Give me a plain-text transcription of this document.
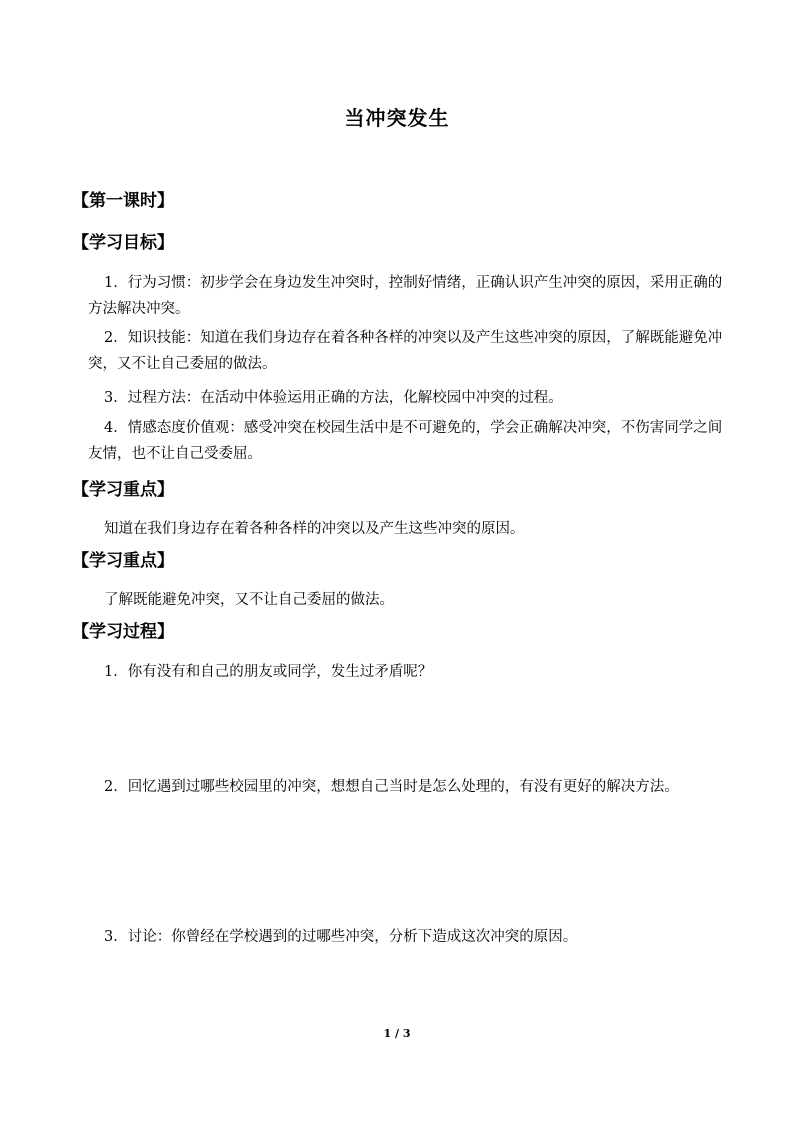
当冲突发生
【第一课时】
【学习目标】

1．行为习惯：初步学会在身边发生冲突时，控制好情绪，正确认识产生冲突的原因，采用正确的方法解决冲突。

2．知识技能：知道在我们身边存在着各种各样的冲突以及产生这些冲突的原因，了解既能避免冲突，又不让自己委屈的做法。

3．过程方法：在活动中体验运用正确的方法，化解校园中冲突的过程。

4．情感态度价值观：感受冲突在校园生活中是不可避免的，学会正确解决冲突，不伤害同学之间友情，也不让自己受委屈。

【学习重点】
知道在我们身边存在着各种各样的冲突以及产生这些冲突的原因。
【学习重点】
了解既能避免冲突，又不让自己委屈的做法。
【学习过程】

1．你有没有和自己的朋友或同学，发生过矛盾呢？

2．回忆遇到过哪些校园里的冲突，想想自己当时是怎么处理的，有没有更好的解决方法。

3．讨论：你曾经在学校遇到的过哪些冲突，分析下造成这次冲突的原因。

1 / 3
